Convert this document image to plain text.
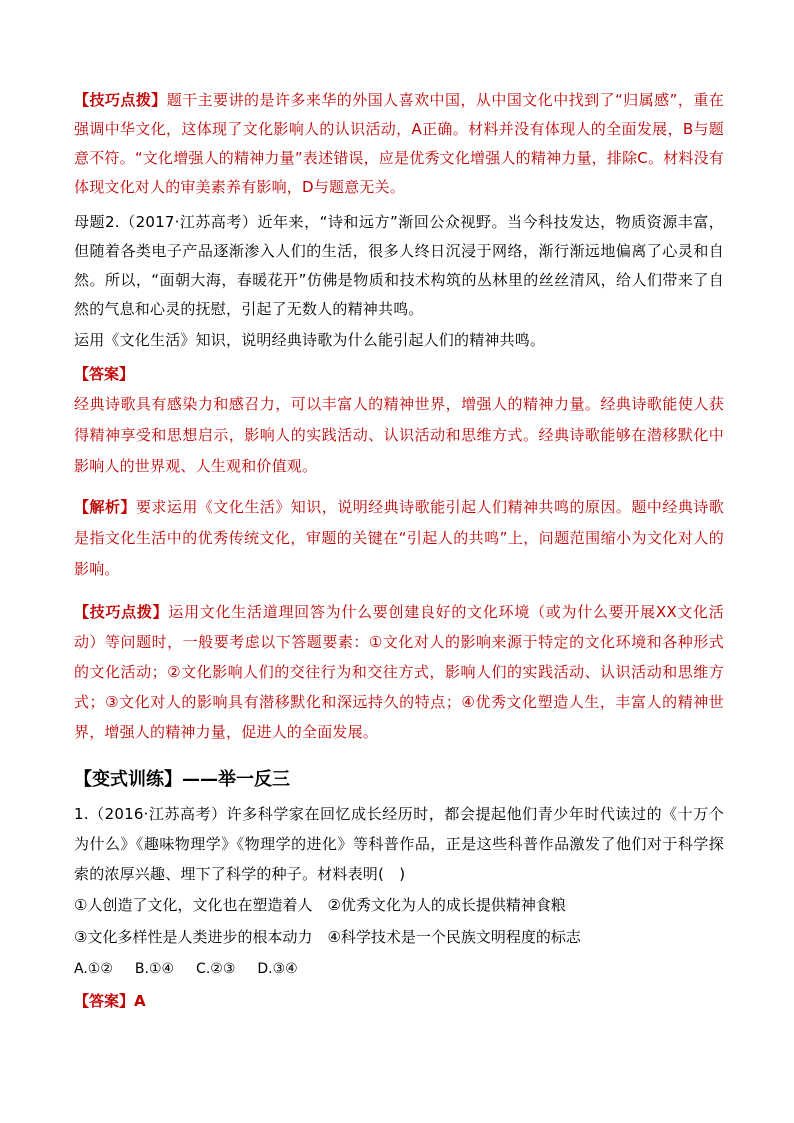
【技巧点拨】题干主要讲的是许多来华的外国人喜欢中国，从中国文化中找到了“归属感”，重在强调中华文化，这体现了文化影响人的认识活动，A正确。材料并没有体现人的全面发展，B与题意不符。“文化增强人的精神力量”表述错误，应是优秀文化增强人的精神力量，排除C。材料没有体现文化对人的审美素养有影响，D与题意无关。

母题2.（2017·江苏高考）近年来，“诗和远方”渐回公众视野。当今科技发达，物质资源丰富，但随着各类电子产品逐渐渗入人们的生活，很多人终日沉浸于网络，渐行渐远地偏离了心灵和自然。所以，“面朝大海，春暖花开”仿佛是物质和技术构筑的丛林里的丝丝清风，给人们带来了自然的气息和心灵的抚慰，引起了无数人的精神共鸣。

运用《文化生活》知识，说明经典诗歌为什么能引起人们的精神共鸣。

【答案】

经典诗歌具有感染力和感召力，可以丰富人的精神世界，增强人的精神力量。经典诗歌能使人获得精神享受和思想启示，影响人的实践活动、认识活动和思维方式。经典诗歌能够在潜移默化中影响人的世界观、人生观和价值观。

【解析】要求运用《文化生活》知识，说明经典诗歌能引起人们精神共鸣的原因。题中经典诗歌是指文化生活中的优秀传统文化，审题的关键在“引起人的共鸣”上，问题范围缩小为文化对人的影响。

【技巧点拨】运用文化生活道理回答为什么要创建良好的文化环境（或为什么要开展XX文化活动）等问题时，一般要考虑以下答题要素：①文化对人的影响来源于特定的文化环境和各种形式的文化活动；②文化影响人们的交往行为和交往方式，影响人们的实践活动、认识活动和思维方式；③文化对人的影响具有潜移默化和深远持久的特点；④优秀文化塑造人生，丰富人的精神世界，增强人的精神力量，促进人的全面发展。

【变式训练】——举一反三

1.（2016·江苏高考）许多科学家在回忆成长经历时，都会提起他们青少年时代读过的《十万个为什么》《趣味物理学》《物理学的进化》等科普作品，正是这些科普作品激发了他们对于科学探索的浓厚兴趣、埋下了科学的种子。材料表明(　)

①人创造了文化，文化也在塑造着人　②优秀文化为人的成长提供精神食粮
③文化多样性是人类进步的根本动力　④科学技术是一个民族文明程度的标志
A.①② B.①④ C.②③ D.③④
【答案】A
